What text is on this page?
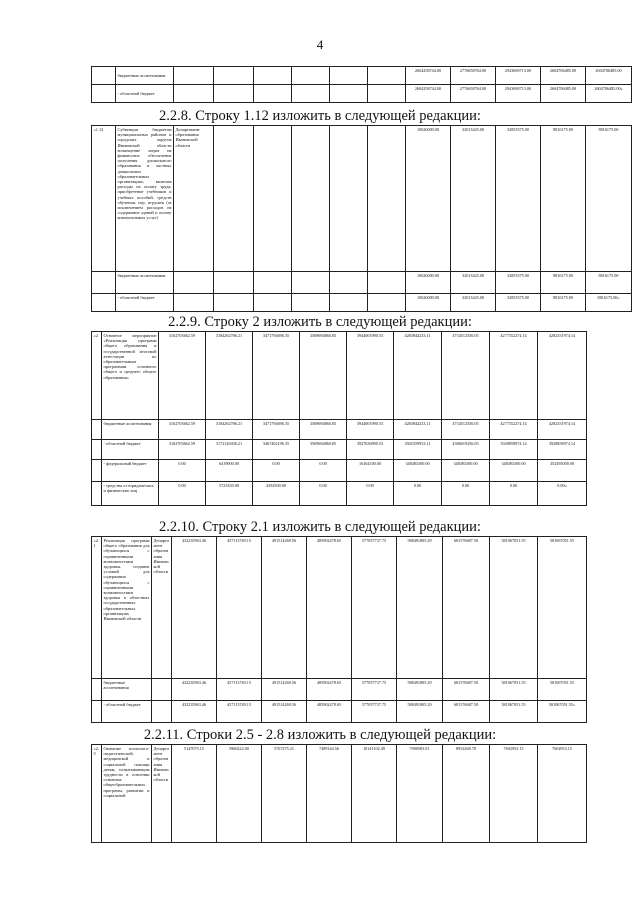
4
	бюджетные ассигнования							2604258744.00	2776658764.00	2943690713.00	2604706485.00	2604706485.00
	- областной бюджет							2604258744.00	2776658764.00	2943690713.00	2604706485.00	2604706485.00»
2.2.8. Строку 1.12 изложить в следующей редакции:
«1.12	Субвенция бюджетам муниципальных районов и городских округов Ивановской области возмещение затрат на финансовое обеспечение получения дошкольного образования в частных дошкольных образовательных организациях, включая расходы на оплату труда, приобретение учебников и учебных пособий, средств обучения, игр, игрушек (за исключением расходов на содержание зданий и оплату коммунальных услуг)	Департамент образования Ивановской области						10626000.00	32013425.00	32853575.00	8816175.00	8816175.00
	бюджетные ассигнования							10626000.00	32013425.00	32853575.00	8816175.00	8816175.00
	- областной бюджет							10626000.00	32013425.00	32853575.00	8816175.00	8816175.00»
2.2.9. Строку 2 изложить в следующей редакции:
«2	Основное мероприятие «Реализация программ общего образования и государственной итоговой аттестации по образовательным программам основного общего и среднего общего образования»	3162703662.59	3184262786.21	3471794696.35	3569694860.85	3944001090.53	4283844233.11	4734512556.05	4277352274.14	4282351974.14
	бюджетные ассигнования	3162703662.59	3184262786.21	3471794696.35	3569694860.85	3944001090.53	4283844233.11	4734512556.05	4277352274.14	4282351974.14
	- областной бюджет	3162703662.59	3172120436.21	3467402196.35	3569694860.85	3927636990.53	3945359933.11	4386019256.05	3928858974.14	3928858974.14
	- федеральный бюджет	0.00	6419000.00	0.00	0.00	16164100.00	348483300.00	348493300.00	348493300.00	353493000.00
	- средства от юридических и физических лиц	0.00	5723350.00	4392500.00	0.00	0.00	0.00	0.00	0.00	0.00»
2.2.10. Строку 2.1 изложить в следующей редакции:
«2.1	Реализация программ общего образования для обучающихся с ограниченными возможностями здоровья, создание условий для содержания обучающихся с ограниченными возможностями здоровья в областных государственных образовательных организациях Ивановской области	Департамент образования Ивановской области	432235963.46	457113749.15	491514269.56	485902478.65	577057737.75	588491805.29	681576687.50	581067051.55	581067051.55
	бюджетные ассигнования		432235963.46	457113749.15	491514269.56	485902478.65	577057737.75	588491805.29	681576687.50	581067051.55	581067051.55
	- областной бюджет		432235963.46	457113749.15	491514269.56	485902478.65	577057737.75	588491805.29	681576687.50	581067051.55	581067051.55»
2.2.11. Строки 2.5 - 2.8 изложить в следующей редакции:
«2.5	Оказание психолого-педагогической, медицинской и социальной помощи детям, испытывающим трудности в освоении основных общеобразовательных программ, развитии и социальной	Департамент образования Ивановской области	5147075.15	5960222.00	5767275.21	7489144.56	10141102.49	7900583.01	8952268.78	7602953.15	7602953.15
